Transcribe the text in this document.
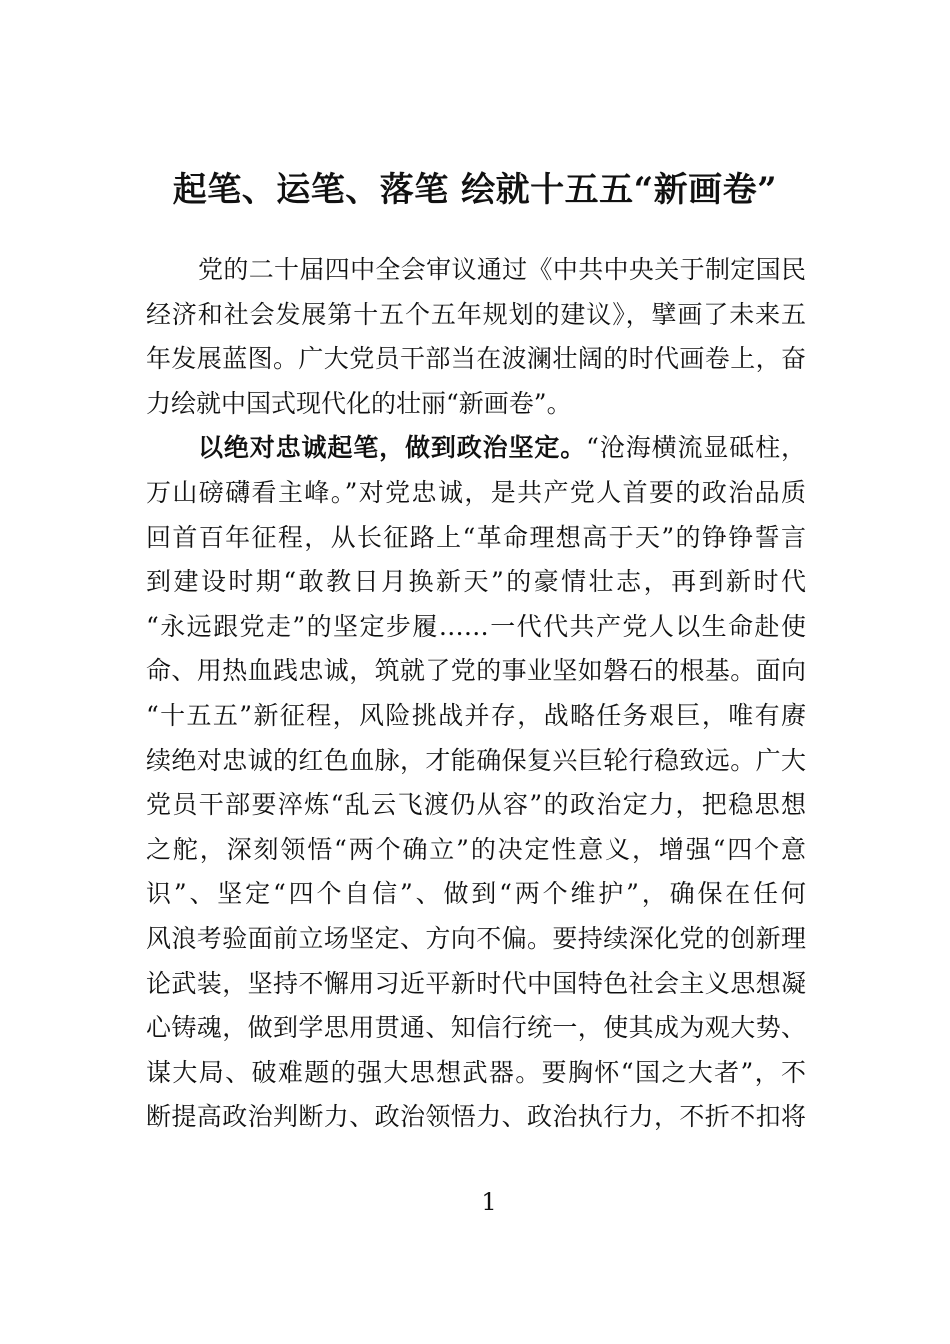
起笔、运笔、落笔 绘就十五五“新画卷”
党的二十届四中全会审议通过《中共中央关于制定国民
经济和社会发展第十五个五年规划的建议》，擘画了未来五
年发展蓝图。广大党员干部当在波澜壮阔的时代画卷上，奋
力绘就中国式现代化的壮丽“新画卷”。
以绝对忠诚起笔，做到政治坚定。“沧海横流显砥柱，
万山磅礴看主峰。”对党忠诚，是共产党人首要的政治品质
回首百年征程，从长征路上“革命理想高于天”的铮铮誓言
到建设时期“敢教日月换新天”的豪情壮志，再到新时代
“永远跟党走”的坚定步履……一代代共产党人以生命赴使
命、用热血践忠诚，筑就了党的事业坚如磐石的根基。面向
“十五五”新征程，风险挑战并存，战略任务艰巨，唯有赓
续绝对忠诚的红色血脉，才能确保复兴巨轮行稳致远。广大
党员干部要淬炼“乱云飞渡仍从容”的政治定力，把稳思想
之舵，深刻领悟“两个确立”的决定性意义，增强“四个意
识”、坚定“四个自信”、做到“两个维护”，确保在任何
风浪考验面前立场坚定、方向不偏。要持续深化党的创新理
论武装，坚持不懈用习近平新时代中国特色社会主义思想凝
心铸魂，做到学思用贯通、知信行统一，使其成为观大势、
谋大局、破难题的强大思想武器。要胸怀“国之大者”，不
断提高政治判断力、政治领悟力、政治执行力，不折不扣将
1
